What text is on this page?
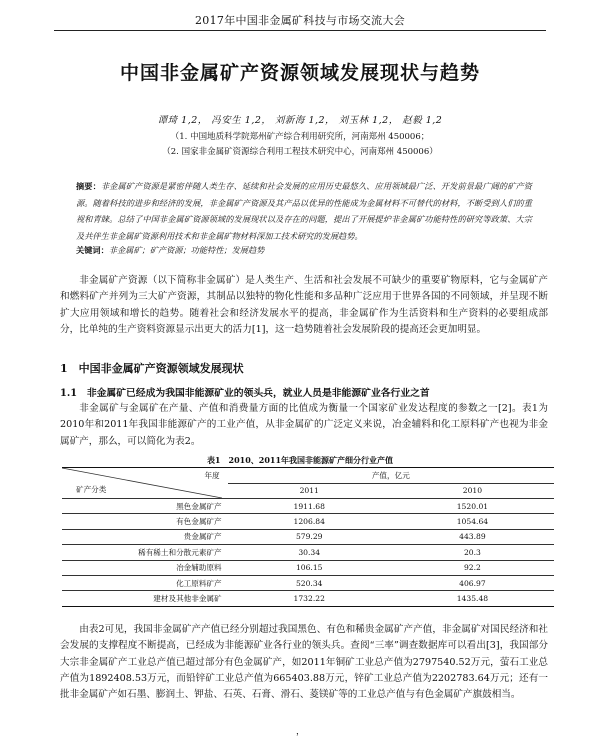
2017年中国非金属矿科技与市场交流大会
中国非金属矿产资源领域发展现状与趋势
谭琦 1,2， 冯安生 1,2， 刘新海 1,2， 刘玉林 1,2， 赵毅 1,2
（1. 中国地质科学院郑州矿产综合利用研究所，河南郑州 450006；
（2. 国家非金属矿资源综合利用工程技术研究中心，河南郑州 450006）
摘要：非金属矿产资源是紧密伴随人类生存、延续和社会发展的应用历史最悠久、应用领域最广泛、开发前景最广阔的矿产资源。随着科技的进步和经济的发展，非金属矿产资源及其产品以优异的性能成为金属材料不可替代的材料，不断受到人们的重视和青睐。总结了中国非金属矿资源领域的发展现状以及存在的问题，提出了开展提炉非金属矿功能特性的研究等政策、大宗及共伴生非金属矿资源利用技术和非金属矿物材料深加工技术研究的发展趋势。
关键词：非金属矿；矿产资源；功能特性；发展趋势
非金属矿产资源（以下简称非金属矿）是人类生产、生活和社会发展不可缺少的重要矿物原料，它与金属矿产和燃料矿产并列为三大矿产资源，其制品以独特的物化性能和多品种广泛应用于世界各国的不同领域，并呈现不断扩大应用领域和增长的趋势。随着社会和经济发展水平的提高，非金属矿作为生活资料和生产资料的必要组成部分，比单纯的生产资料资源显示出更大的活力[1]，这一趋势随着社会发展阶段的提高还会更加明显。
1　中国非金属矿产资源领域发展现状
1.1　非金属矿已经成为我国非能源矿业的领头兵，就业人员是非能源矿业各行业之首
非金属矿与金属矿在产量、产值和消费量方面的比值成为衡量一个国家矿业发达程度的参数之一[2]。表1为2010年和2011年我国非能源矿产的工业产值，从非金属矿的广泛定义来说，冶金辅料和化工原料矿产也视为非金属矿产，那么，可以简化为表2。
表1　2010、2011年我国非能源矿产细分行业产值
年度
矿产分类	产值，亿元	
	2011	2010
黑色金属矿产	1911.68	1520.01
有色金属矿产	1206.84	1054.64
贵金属矿产	579.29	443.89
稀有稀土和分散元素矿产	30.34	20.3
冶金辅助原料	106.15	92.2
化工原料矿产	520.34	406.97
建材及其他非金属矿	1732.22	1435.48
由表2可见，我国非金属矿产产值已经分别超过我国黑色、有色和稀贵金属矿产产值，非金属矿对国民经济和社会发展的支撑程度不断提高，已经成为非能源矿业各行业的领头兵。查阅“三率”调查数据库可以看出[3]，我国部分大宗非金属矿产工业总产值已超过部分有色金属矿产，如2011年铜矿工业总产值为2797540.52万元，萤石工业总产值为1892408.53万元，而铅锌矿工业总产值为665403.88万元，锌矿工业总产值为2202783.64万元；还有一批非金属矿产如石墨、膨润土、钾盐、石英、石膏、滑石、菱镁矿等的工业总产值与有色金属矿产旗鼓相当。
，
